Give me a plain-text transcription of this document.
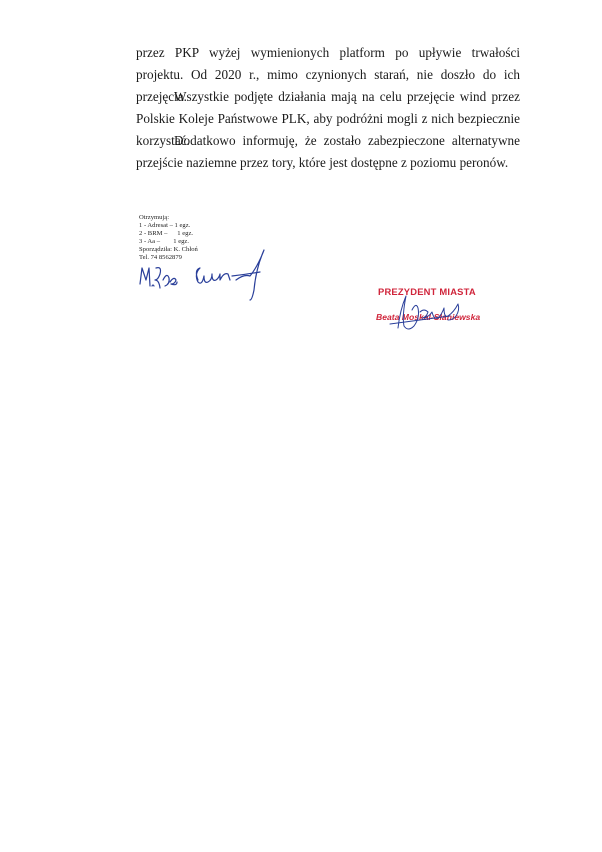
przez PKP wyżej wymienionych platform po upływie trwałości projektu. Od 2020 r., mimo czynionych starań, nie doszło do ich przejęcia.

Wszystkie podjęte działania mają na celu przejęcie wind przez Polskie Koleje Państwowe PLK, aby podróżni mogli z nich bezpiecznie korzystać.

Dodatkowo informuję, że zostało zabezpieczone alternatywne przejście naziemne przez tory, które jest dostępne z poziomu peronów.

Otrzymują:
1 - Adresat – 1 egz.
2 - BRM –      1 egz.
3 - Aa –        1 egz.
Sporządziła: K. Chłoń
Tel. 74 8562879
PREZYDENT MIASTA
Beata Moskal-Słaniewska
